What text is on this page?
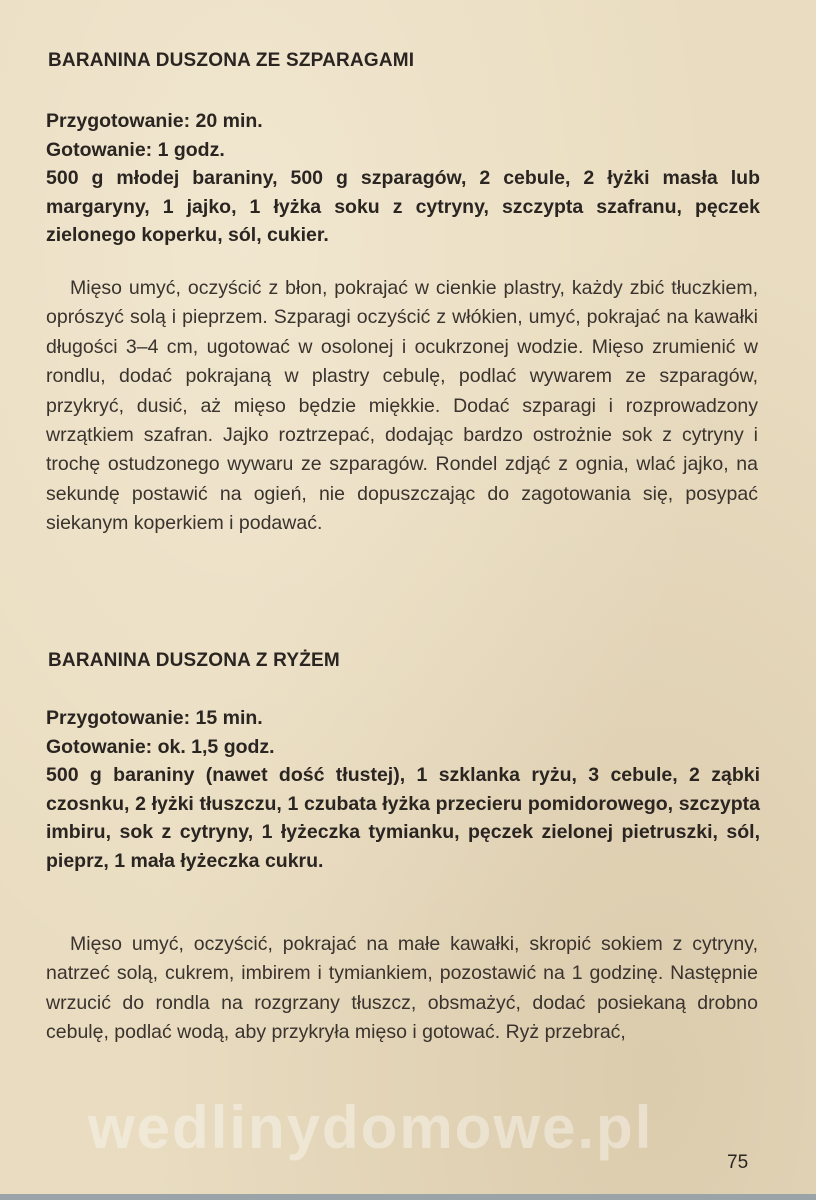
BARANINA DUSZONA ZE SZPARAGAMI
Przygotowanie: 20 min.
Gotowanie: 1 godz.
500 g młodej baraniny, 500 g szparagów, 2 cebule, 2 łyżki masła lub margaryny, 1 jajko, 1 łyżka soku z cytryny, szczypta szafranu, pęczek zielonego koperku, sól, cukier.
Mięso umyć, oczyścić z błon, pokrajać w cienkie plastry, każdy zbić tłuczkiem, oprószyć solą i pieprzem. Szparagi oczyścić z włókien, umyć, pokrajać na kawałki długości 3–4 cm, ugotować w osolonej i ocukrzonej wodzie. Mięso zrumienić w rondlu, dodać pokrajaną w plastry cebulę, podlać wywarem ze szparagów, przykryć, dusić, aż mięso będzie miękkie. Dodać szparagi i rozprowadzony wrzątkiem szafran. Jajko roztrzepać, dodając bardzo ostrożnie sok z cytryny i trochę ostudzonego wywaru ze szparagów. Rondel zdjąć z ognia, wlać jajko, na sekundę postawić na ogień, nie dopuszczając do zagotowania się, posypać siekanym koperkiem i podawać.
BARANINA DUSZONA Z RYŻEM
Przygotowanie: 15 min.
Gotowanie: ok. 1,5 godz.
500 g baraniny (nawet dość tłustej), 1 szklanka ryżu, 3 cebule, 2 ząbki czosnku, 2 łyżki tłuszczu, 1 czubata łyżka przecieru pomidorowego, szczypta imbiru, sok z cytryny, 1 łyżeczka tymianku, pęczek zielonej pietruszki, sól, pieprz, 1 mała łyżeczka cukru.
Mięso umyć, oczyścić, pokrajać na małe kawałki, skropić sokiem z cytryny, natrzeć solą, cukrem, imbirem i tymiankiem, pozostawić na 1 godzinę. Następnie wrzucić do rondla na rozgrzany tłuszcz, obsmażyć, dodać posiekaną drobno cebulę, podlać wodą, aby przykryła mięso i gotować. Ryż przebrać,
wedlinydomowe.pl
75
